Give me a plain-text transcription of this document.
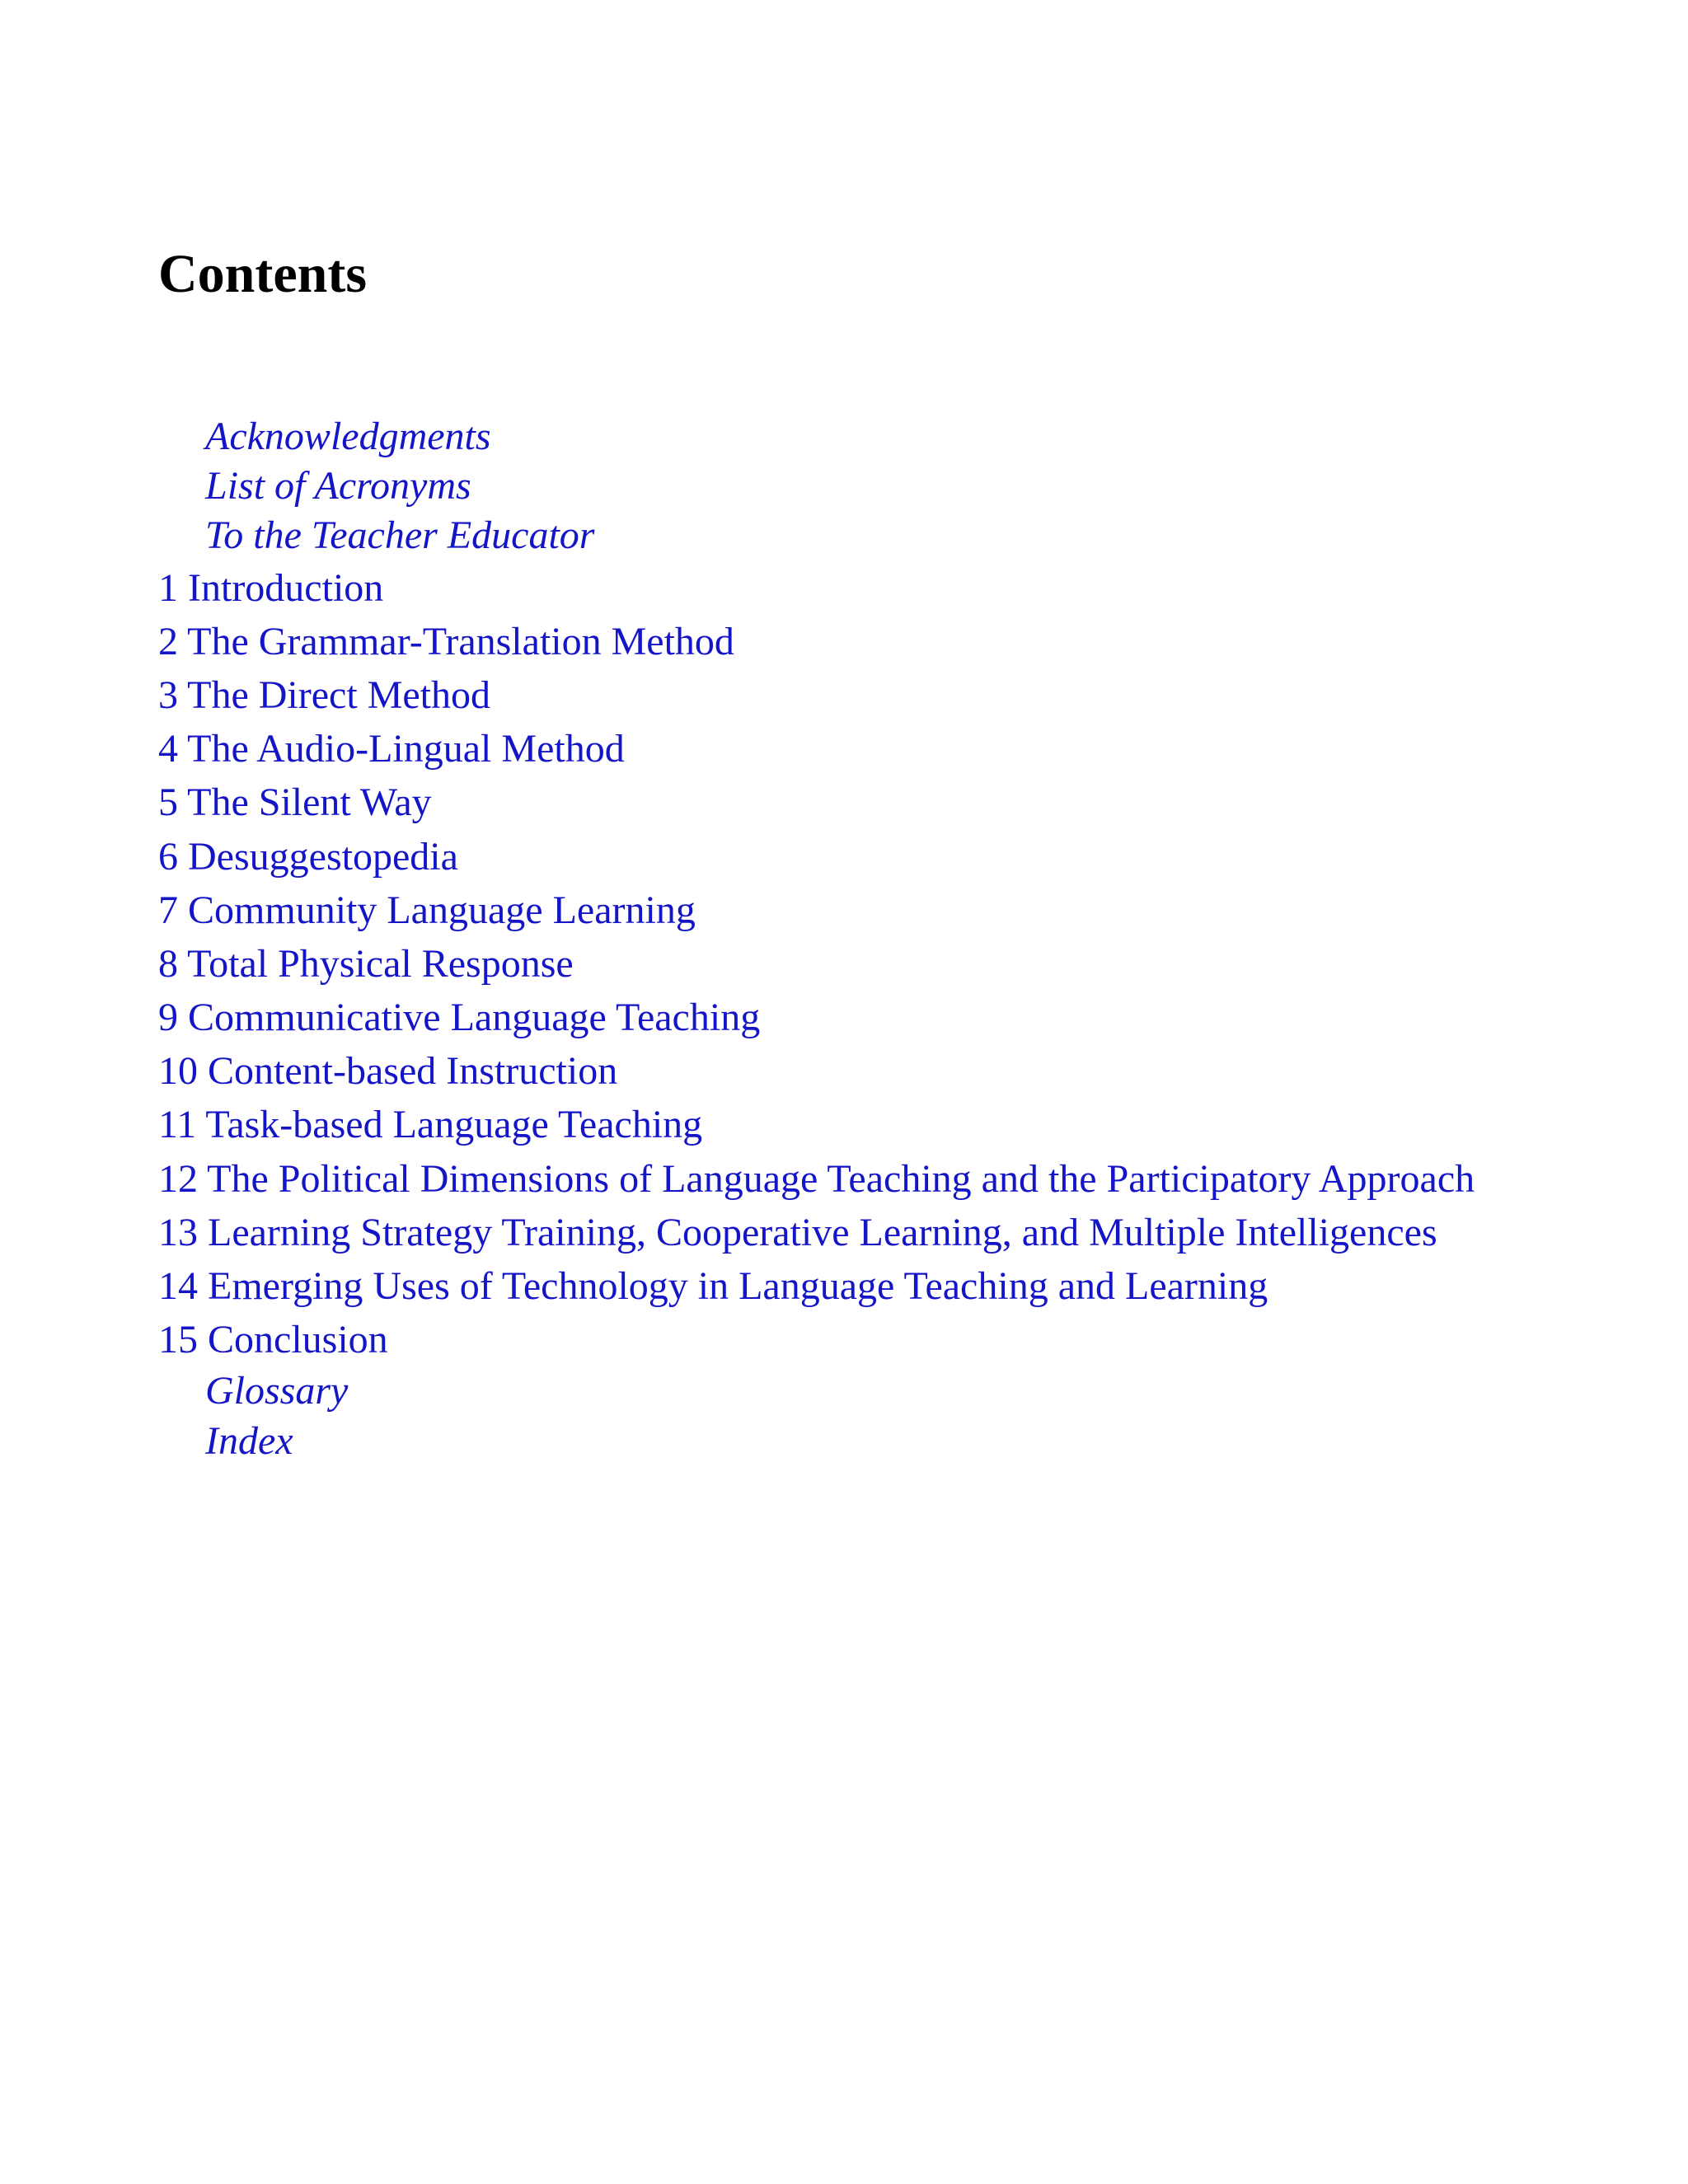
Contents
Acknowledgments
List of Acronyms
To the Teacher Educator
1 Introduction
2 The Grammar-Translation Method
3 The Direct Method
4 The Audio-Lingual Method
5 The Silent Way
6 Desuggestopedia
7 Community Language Learning
8 Total Physical Response
9 Communicative Language Teaching
10 Content-based Instruction
11 Task-based Language Teaching
12 The Political Dimensions of Language Teaching and the Participatory Approach
13 Learning Strategy Training, Cooperative Learning, and Multiple Intelligences
14 Emerging Uses of Technology in Language Teaching and Learning
15 Conclusion
Glossary
Index
